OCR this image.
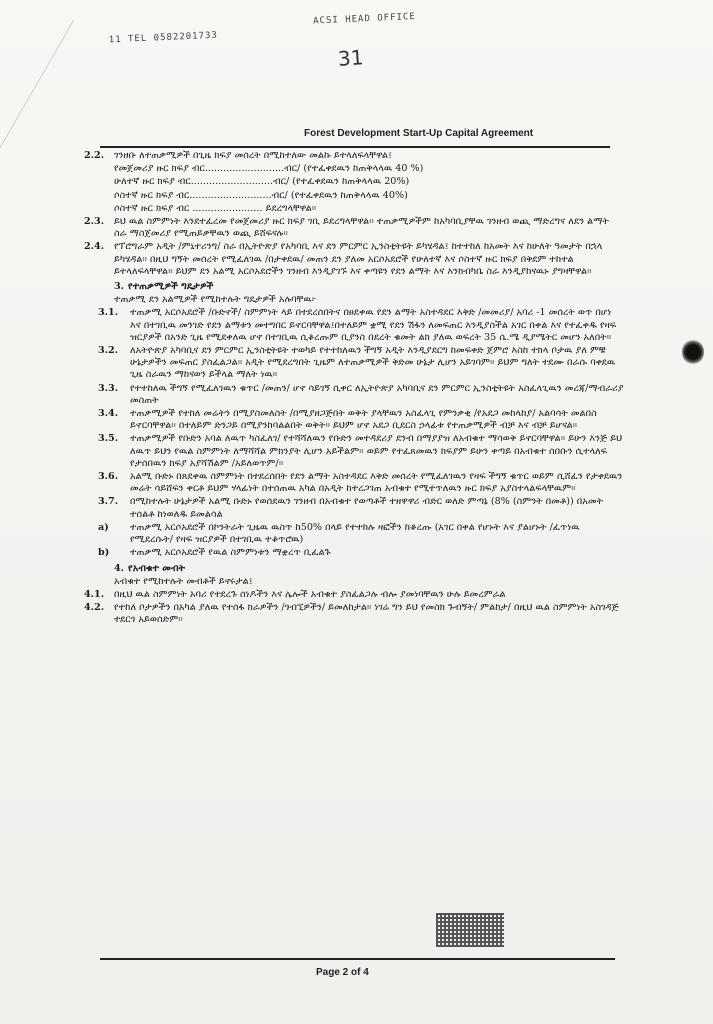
11 TEL 0582201733
ACSI HEAD OFFICE
31
Forest Development Start-Up Capital Agreement
2.2. ገንዘቡ ለተጠቃሚዎች በጊዜ ክፍያ መሰረት በሚከተለው መልኩ ይተላለፍላቸዋል፤
የመጀመሪያ ዙር ክፍያ ብር..........................ብር/ (የተፈቀደዉን ከጠቅላላዉ 40 %)
ሁለተኛ ዙር ክፍያ ብር...........................ብር/ (የተፈቀደዉን ከጠቅላላዉ 20%)
ሶስተኛ ዙር ክፍያ ብር...........................ብር/ (የተፈቀደዉን ከጠቅላላዉ 40%)
ሶስተኛ ዙር ክፍያ ብር ....................... ይደረግላቸዋል።
2.3. ይህ ዉል ስምምነት እንደተፈረመ የመጀመሪያ ዙር ክፍያ ገቢ ይደረግላቸዋል። ተጠቃሚዎችም ከአካባቢያቸዉ ገንዘብ ወጪ ማድረግና ለደን ልማት ስራ ማስጀመሪያ የሚጠይቃቸዉን ወጪ ይሸፍናሉ።
2.4. የፕሮግራም አዲት /ምኒተሪንግ/ ስራ በኢትዮጵያ የአካባቢ እና ደን ምርምር ኢንስቲትዩት ይካሄዳል፤ ከተተከለ ከአመት እና ከሁለት ዓመታት በኋላ ይካሄዳል። በዚህ ግኝት መሰረት የሚፈለገዉ /በታቀደዉ/ መጠን ደን ያለመ አርሶአደሮች የሁለተኛ እና ሶስተኛ ዙር ክፍያ በቅደም ተከተል ይተላለፍላቸዋል። ይህም ደን አልሚ አርሶአደሮችን ገንዘብ እንዲያገኙ እና ቀጣዩን የደን ልማት እና እንክብካቤ ስራ እንዲያከናዉኑ ያግዛቸዋል።
3. የተጠቃሚዎች ግዴታዎች
ተጠቃሚ ደን አልሚዎች የሚከተሉት ግዴታዎች አሉባቸዉ፦
3.1. ተጠቃሚ አርሶአደሮች /ቡድኖች/ ስምምነት ላይ በተደረሰበትና በፀደቀዉ የደን ልማት አስተዳደር እቅድ /መመሪያ/ አባሪ -1 መሰረት ወጥ በሆነ እና በተገቢዉ መንገድ የደን ልማቱን መተግበር ይኖርባቸዋል፤በተለይም ቋሚ የደን ሽፋን ለመፍጠር እንዲያስችል አገር በቀል እና የተፈቀዱ የዛፍ ዝርያዎች በአንድ ጊዜ የሚደቀለዉ ሆኖ በተገቢዉ ሲቆረጡም ቢያንስ በደረት ቁመት ልክ ያለዉ ወፍረት 35 ሴ.ሜ ዲያሜትር መሆን አለበት።
3.2. ለአትዮጵያ አካባቢና ደን ምርምር ኢንስቲትዩት ተወካይ የተተከለዉን ችግኝ አዲት እንዲያደርግ ከመፍቀድ ጀምሮ እስከ ተክላ ቦታዉ ያለ ምቹ ሁኔታዎችን መፍጠር ያስፈልጋል። አዲት የሚደረግበት ጊዜም ለተጠቃሚዎች ቅድመ ሁኔታ ሊሆን አይገባም። ይህም ግለት ተደሙ በራሱ ባቀደዉ ጊዜ ስራዉን ማከናወን ይችላል ማለት ነዉ።
3.3. የተተከለዉ ችግኝ የሚፈለገዉን ቁጥር /መጠን/ ሆኖ ሳይገኝ ሲቀር ለኢትዮጵያ አካባቢና ደን ምርምር ኢንስቲትዩት አስፈላጊዉን መረጃ/ማብራሪያ መስጠት
3.4. ተጠቃሚዎች የተከለ መሬትን በሚያስመለስት /በሚያዘጋጅበት ወቅት ያላቸዉን አስፈላጊ የምንቃቂ /የአደጋ መከላከያ/ አልባሳት መልበስ ይኖርባቸዋል። በተለይም ድንጋይ በሚያንከባልልበት ወቅት። ይህም ሆኖ አደጋ ቢደርስ ኃላፊቱ የተጠቃሚዎች ብቻ እና ብቻ ይሆናል።
3.5. ተጠቃሚዎች የቡድን አባል ለዉጥ ካስፈለገ/ የተሻሻለዉን የቡድን መተዳደሪያ ደንብ በማያያዝ ለአብቁተ ማሳወቅ ይኖርባቸዋል። ይሁን እንጅ ይህ ለዉጥ ይህን የዉል ስምምነት ለማሻሻል ምክንያት ሊሆን አይችልም። ወይም የተፈጸመዉን ክፍያም ይሁን ቀጣይ በአብቁተ ሰበቡን ሲተላለፍ የታሰበዉን ክፍያ አያሻሽልም /አይለወጥም/።
3.6. አልሚ ቡድኑ በጸደቀዉ ስምምነት በተደረሰበት የደን ልማት አስተዳደር እቅድ መሰረት የሚፈለገዉን የዛፍ ችግኝ ቁጥር ወይም ሲሸፈን የታቀደዉን መሬት ሳይሸፍን ቀርቶ ይህም ሃላፊነት በተሰጠዉ አካል በአዲት ከተረጋገጠ አብቁተ የሚተጥለዉን ዙር ክፍያ አያስተላልፍላቸዉም።
3.7. በሚከተሉት ሁኔታዎች አልሚ ቡድኑ የወሰደዉን ገንዘብ በአብቁተ የወጣቶች ተዘዋዋሪ ብድር ወለድ ምጣኔ (8% (ስምንት በመቶ)) በአመት ተሰልቶ ከነወለዱ ይመልሳል
a) ተጠቃሚ አርሶአደሮች በኮንትራት ጊዜዉ ዉስጥ ከ50% በላይ የተተከሉ ዛፎችን ከቆረጡ (አገር በቀል የሆኑት እና ያልሆኑት /ፈጥነዉ የሚደረሱት/ የዛፍ ዝርያዎች በተገቢዉ ተቆጥሮዉ)
b) ተጠቃሚ አርሶአደሮች የዉል ስምምነቱን ማቋረጥ ቢፈልጉ
4. የአብቁተ መብት
አብቁተ የሚከተሉት መብቶች ይኖሩታል፤
4.1. በዚህ ዉል ስምምነት አባሪ የተደረጉ ሰነዶችን እና ሌሎች አብቁተ ያስፈልጋሉ ብሎ ያመነባቸዉን ሁሉ ይመረምራል
4.2. የተከለ ቦታዎችን በአካል ያለዉ የተሰፋ ክራዎችን /ጎብኚዎችን/ ይመለከታል። ነገሬ ግን ይህ የመስክ ጉብኝት/ ምልከታ/ በዚህ ዉል ስምምነት አስገዳጅ ተደርጎ አይወሰድም።
Page 2 of 4
